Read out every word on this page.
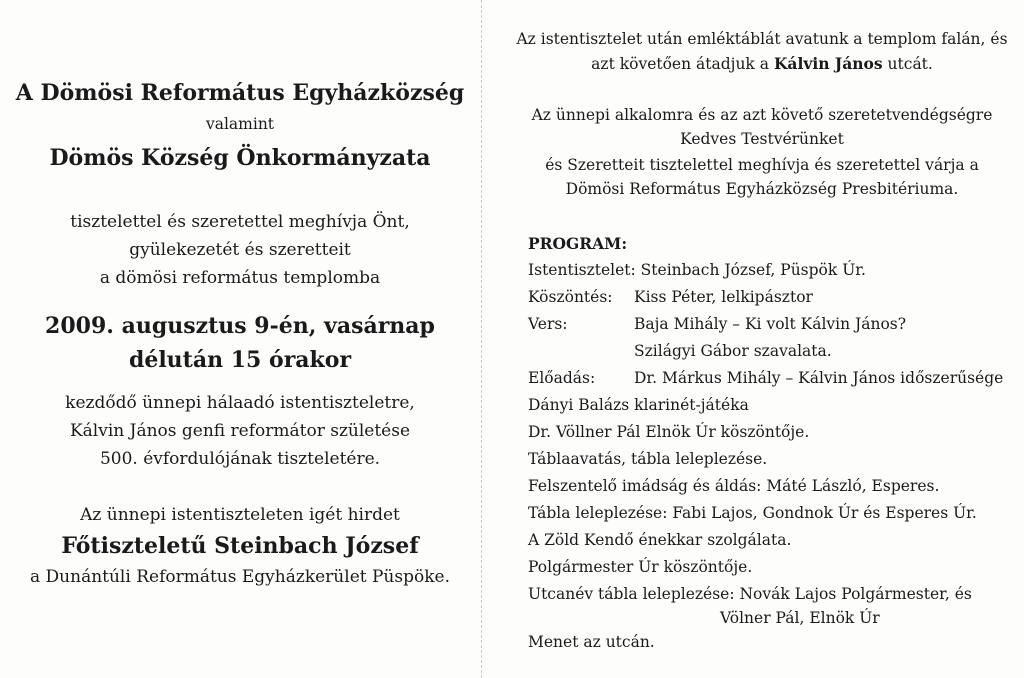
A Dömösi Református Egyházközség
valamint
Dömös Község Önkormányzata
tisztelettel és szeretettel meghívja Önt,
gyülekezetét és szeretteit
a dömösi református templomba
2009. augusztus 9-én, vasárnap
délután 15 órakor
kezdődő ünnepi hálaadó istentiszteletre,
Kálvin János genfi reformátor születése
500. évfordulójának tiszteletére.
Az ünnepi istentiszteleten igét hirdet
Főtiszteletű Steinbach József
a Dunántúli Református Egyházkerület Püspöke.
Az istentisztelet után emléktáblát avatunk a templom falán, és
azt követően átadjuk a Kálvin János utcát.
Az ünnepi alkalomra és az azt követő szeretetvendégségre
Kedves Testvérünket
és Szeretteit tisztelettel meghívja és szeretettel várja a
Dömösi Református Egyházközség Presbitériuma.
PROGRAM:
Istentisztelet: Steinbach József, Püspök Úr.
Köszöntés: Kiss Péter, lelkipásztor
Vers:	Baja Mihály – Ki volt Kálvin János?
Szilágyi Gábor szavalata.
Előadás:	Dr. Márkus Mihály – Kálvin János időszerűsége
Dányi Balázs klarinét-játéka
Dr. Völlner Pál Elnök Úr köszöntője.
Táblaavatás, tábla leleplezése.
Felszentelő imádság és áldás: Máté László, Esperes.
Tábla leleplezése: Fabi Lajos, Gondnok Úr és Esperes Úr.
A Zöld Kendő énekkar szolgálata.
Polgármester Úr köszöntője.
Utcanév tábla leleplezése: Novák Lajos Polgármester, és
Völner Pál, Elnök Úr
Menet az utcán.
